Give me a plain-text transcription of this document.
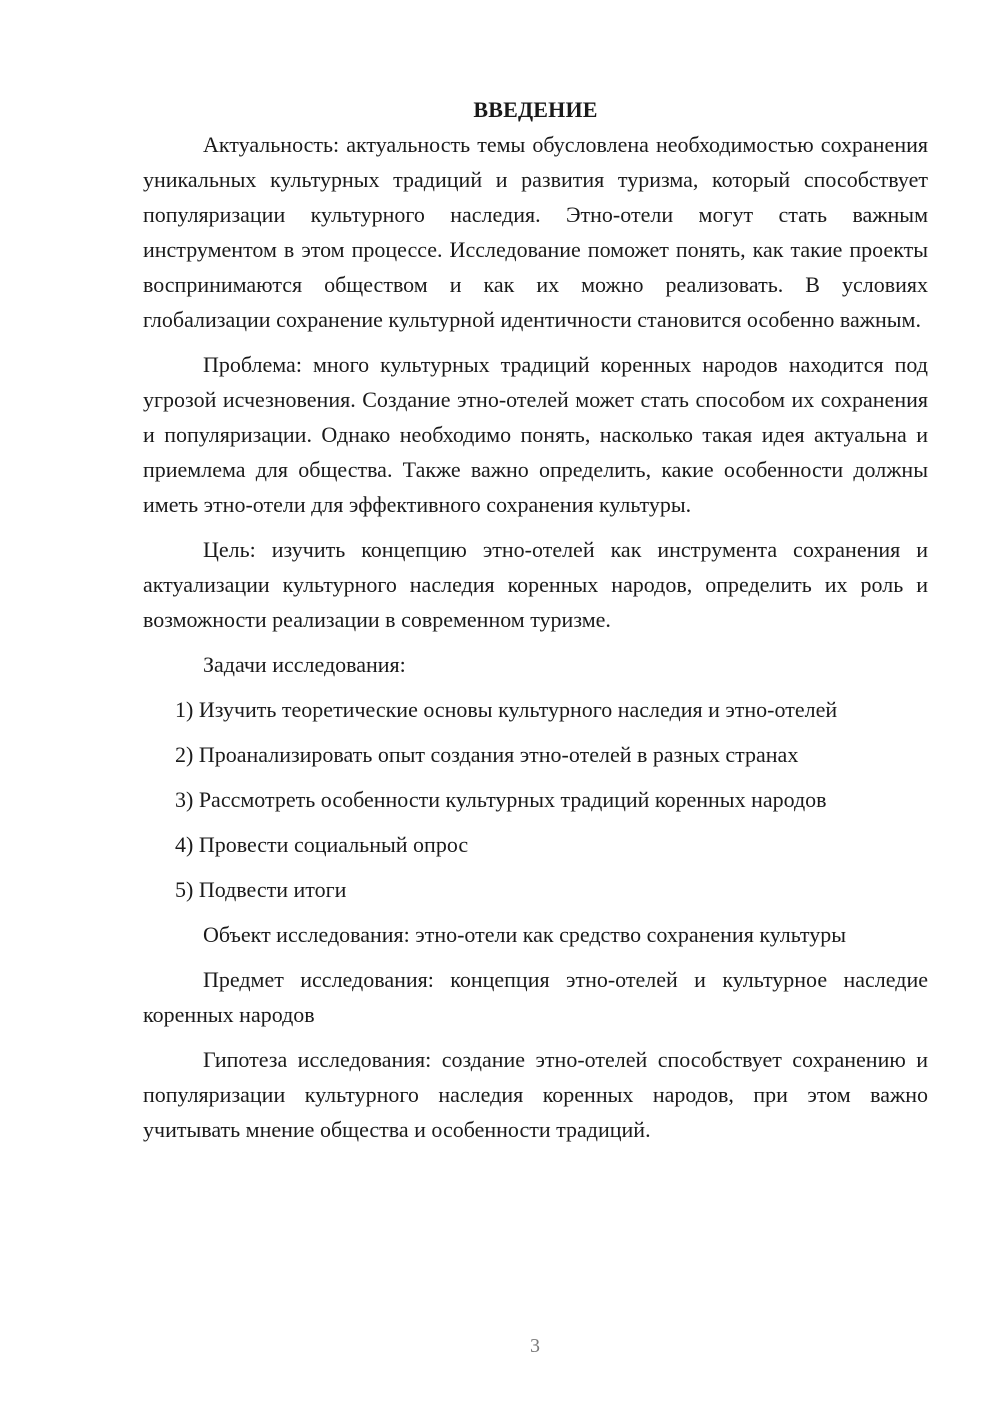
ВВЕДЕНИЕ

Актуальность: актуальность темы обусловлена необходимостью сохранения уникальных культурных традиций и развития туризма, который способствует популяризации культурного наследия. Этно-отели могут стать важным инструментом в этом процессе. Исследование поможет понять, как такие проекты воспринимаются обществом и как их можно реализовать. В условиях глобализации сохранение культурной идентичности становится особенно важным.

Проблема: много культурных традиций коренных народов находится под угрозой исчезновения. Создание этно-отелей может стать способом их сохранения и популяризации. Однако необходимо понять, насколько такая идея актуальна и приемлема для общества. Также важно определить, какие особенности должны иметь этно-отели для эффективного сохранения культуры.

Цель: изучить концепцию этно-отелей как инструмента сохранения и актуализации культурного наследия коренных народов, определить их роль и возможности реализации в современном туризме.

Задачи исследования:

1) Изучить теоретические основы культурного наследия и этно-отелей

2) Проанализировать опыт создания этно-отелей в разных странах

3) Рассмотреть особенности культурных традиций коренных народов

4) Провести социальный опрос

5) Подвести итоги

Объект исследования: этно-отели как средство сохранения культуры

Предмет исследования: концепция этно-отелей и культурное наследие коренных народов

Гипотеза исследования: создание этно-отелей способствует сохранению и популяризации культурного наследия коренных народов, при этом важно учитывать мнение общества и особенности традиций.

3
